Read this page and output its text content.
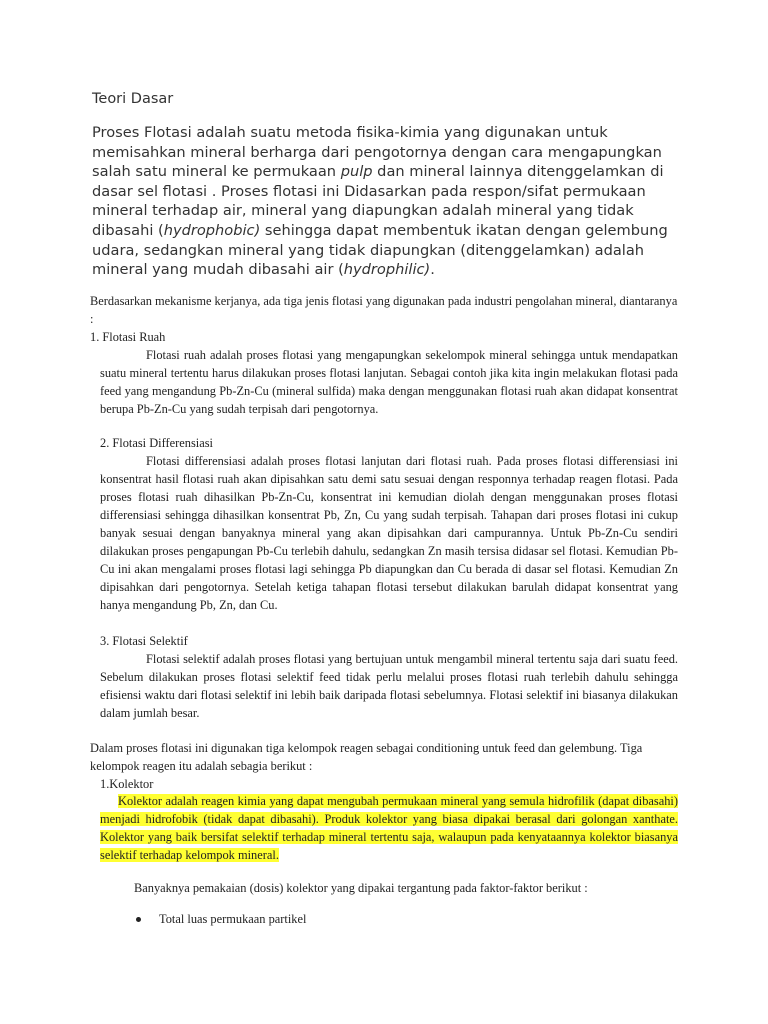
Teori Dasar
Proses Flotasi adalah suatu metoda fisika-kimia yang digunakan untuk memisahkan mineral berharga dari pengotornya dengan cara mengapungkan salah satu mineral ke permukaan pulp dan mineral lainnya ditenggelamkan di dasar sel flotasi . Proses flotasi ini Didasarkan pada respon/sifat permukaan mineral terhadap air, mineral yang diapungkan adalah mineral yang tidak dibasahi (hydrophobic) sehingga dapat membentuk ikatan dengan gelembung udara, sedangkan mineral yang tidak diapungkan (ditenggelamkan) adalah mineral yang mudah dibasahi air (hydrophilic).
Berdasarkan mekanisme kerjanya, ada tiga jenis flotasi yang digunakan pada industri pengolahan mineral, diantaranya :
1. Flotasi Ruah
Flotasi ruah adalah proses flotasi yang mengapungkan sekelompok mineral sehingga untuk mendapatkan suatu mineral tertentu harus dilakukan proses flotasi lanjutan. Sebagai contoh jika kita ingin melakukan flotasi pada feed yang mengandung Pb-Zn-Cu (mineral sulfida) maka dengan menggunakan flotasi ruah akan didapat konsentrat berupa Pb-Zn-Cu yang sudah terpisah dari pengotornya.
2. Flotasi Differensiasi
Flotasi differensiasi adalah proses flotasi lanjutan dari flotasi ruah. Pada proses flotasi differensiasi ini konsentrat hasil flotasi ruah akan dipisahkan satu demi satu sesuai dengan responnya terhadap reagen flotasi. Pada proses flotasi ruah dihasilkan Pb-Zn-Cu, konsentrat ini kemudian diolah dengan menggunakan proses flotasi differensiasi sehingga dihasilkan konsentrat Pb, Zn, Cu yang sudah terpisah. Tahapan dari proses flotasi ini cukup banyak sesuai dengan banyaknya mineral yang akan dipisahkan dari campurannya. Untuk Pb-Zn-Cu sendiri dilakukan proses pengapungan Pb-Cu terlebih dahulu, sedangkan Zn masih tersisa didasar sel flotasi. Kemudian Pb-Cu ini akan mengalami proses flotasi lagi sehingga Pb diapungkan dan Cu berada di dasar sel flotasi. Kemudian Zn dipisahkan dari pengotornya. Setelah ketiga tahapan flotasi tersebut dilakukan barulah didapat konsentrat yang hanya mengandung Pb, Zn, dan Cu.
3. Flotasi Selektif
Flotasi selektif adalah proses flotasi yang bertujuan untuk mengambil mineral tertentu saja dari suatu feed. Sebelum dilakukan proses flotasi selektif feed tidak perlu melalui proses flotasi ruah terlebih dahulu sehingga efisiensi waktu dari flotasi selektif ini lebih baik daripada flotasi sebelumnya. Flotasi selektif ini biasanya dilakukan dalam jumlah besar.
Dalam proses flotasi ini digunakan tiga kelompok reagen sebagai conditioning untuk feed dan gelembung. Tiga kelompok reagen itu adalah sebagia berikut :
1.Kolektor
Kolektor adalah reagen kimia yang dapat mengubah permukaan mineral yang semula hidrofilik (dapat dibasahi) menjadi hidrofobik (tidak dapat dibasahi). Produk kolektor yang biasa dipakai berasal dari golongan xanthate. Kolektor yang baik bersifat selektif terhadap mineral tertentu saja, walaupun pada kenyataannya kolektor biasanya selektif terhadap kelompok mineral.
Banyaknya pemakaian (dosis) kolektor yang dipakai tergantung pada faktor-faktor berikut :
Total luas permukaan partikel
